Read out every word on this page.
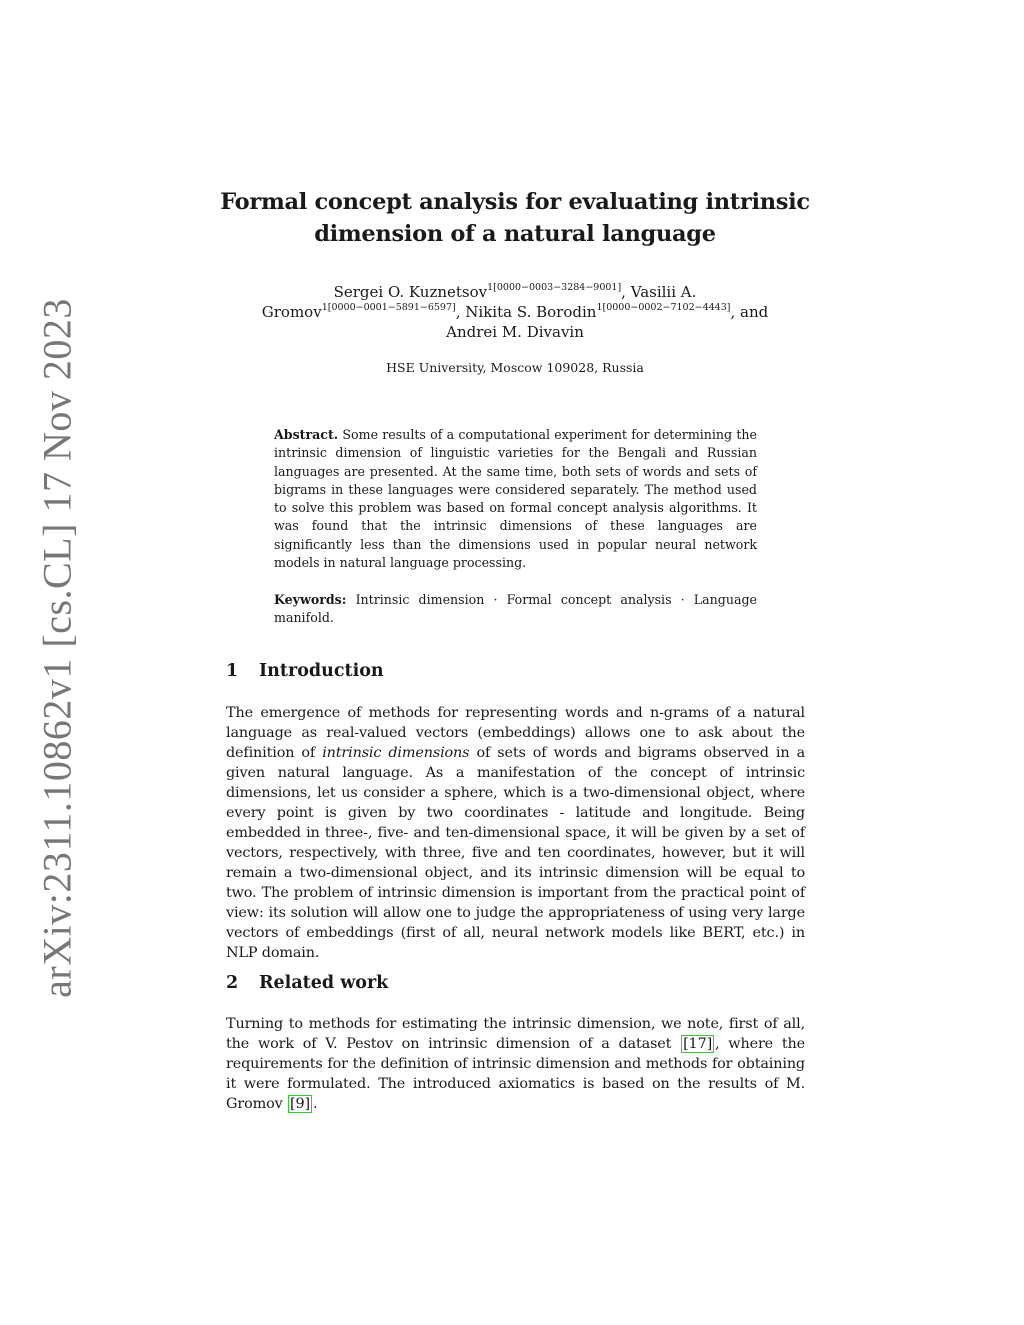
arXiv:2311.10862v1 [cs.CL] 17 Nov 2023
Formal concept analysis for evaluating intrinsic
dimension of a natural language
Sergei O. Kuznetsov$^{1[0000-0003-3284-9001]}$, Vasilii A.
Gromov$^{1[0000-0001-5891-6597]}$, Nikita S. Borodin$^{1[0000-0002-7102-4443]}$, and
Andrei M. Divavin
HSE University, Moscow 109028, Russia
Abstract. Some results of a computational experiment for determining the intrinsic dimension of linguistic varieties for the Bengali and Russian languages are presented. At the same time, both sets of words and sets of bigrams in these languages were considered separately. The method used to solve this problem was based on formal concept analysis algorithms. It was found that the intrinsic dimensions of these languages are significantly less than the dimensions used in popular neural network models in natural language processing.
Keywords: Intrinsic dimension · Formal concept analysis · Language manifold.
1 Introduction
The emergence of methods for representing words and n-grams of a natural language as real-valued vectors (embeddings) allows one to ask about the definition of intrinsic dimensions of sets of words and bigrams observed in a given natural language. As a manifestation of the concept of intrinsic dimensions, let us consider a sphere, which is a two-dimensional object, where every point is given by two coordinates - latitude and longitude. Being embedded in three-, five- and ten-dimensional space, it will be given by a set of vectors, respectively, with three, five and ten coordinates, however, but it will remain a two-dimensional object, and its intrinsic dimension will be equal to two. The problem of intrinsic dimension is important from the practical point of view: its solution will allow one to judge the appropriateness of using very large vectors of embeddings (first of all, neural network models like BERT, etc.) in NLP domain.
2 Related work
Turning to methods for estimating the intrinsic dimension, we note, first of all, the work of V. Pestov on intrinsic dimension of a dataset [17] , where the requirements for the definition of intrinsic dimension and methods for obtaining it were formulated. The introduced axiomatics is based on the results of M. Gromov [9] .
